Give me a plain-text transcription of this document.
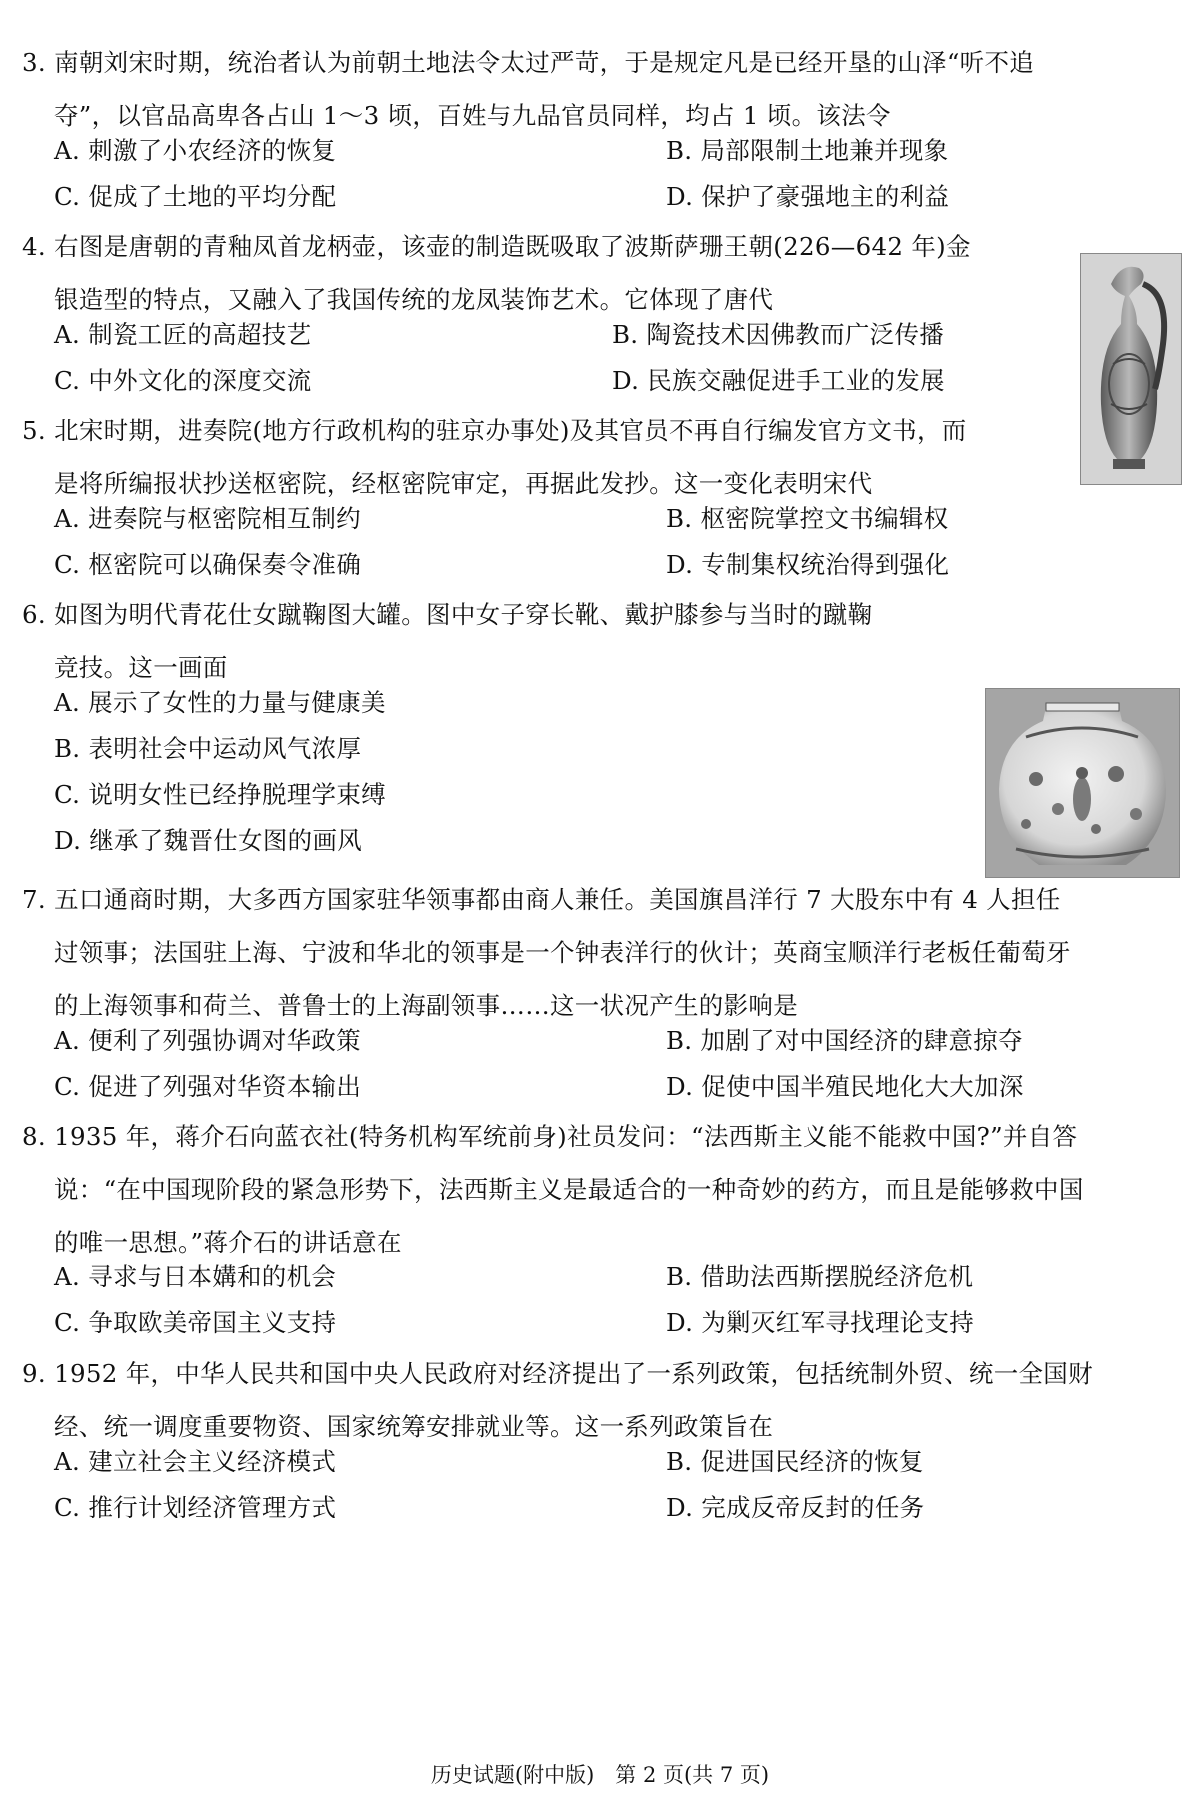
3. 南朝刘宋时期，统治者认为前朝土地法令太过严苛，于是规定凡是已经开垦的山泽“听不追
夺”，以官品高卑各占山 1～3 顷，百姓与九品官员同样，均占 1 顷。该法令
A. 刺激了小农经济的恢复	B. 局部限制土地兼并现象
C. 促成了土地的平均分配	D. 保护了豪强地主的利益
4. 右图是唐朝的青釉凤首龙柄壶，该壶的制造既吸取了波斯萨珊王朝(226—642 年)金
银造型的特点，又融入了我国传统的龙凤装饰艺术。它体现了唐代
A. 制瓷工匠的高超技艺	B. 陶瓷技术因佛教而广泛传播
C. 中外文化的深度交流	D. 民族交融促进手工业的发展
5. 北宋时期，进奏院(地方行政机构的驻京办事处)及其官员不再自行编发官方文书，而
是将所编报状抄送枢密院，经枢密院审定，再据此发抄。这一变化表明宋代
A. 进奏院与枢密院相互制约	B. 枢密院掌控文书编辑权
C. 枢密院可以确保奏令准确	D. 专制集权统治得到强化
6. 如图为明代青花仕女蹴鞠图大罐。图中女子穿长靴、戴护膝参与当时的蹴鞠
竞技。这一画面
A. 展示了女性的力量与健康美
B. 表明社会中运动风气浓厚
C. 说明女性已经挣脱理学束缚
D. 继承了魏晋仕女图的画风
7. 五口通商时期，大多西方国家驻华领事都由商人兼任。美国旗昌洋行 7 大股东中有 4 人担任
过领事；法国驻上海、宁波和华北的领事是一个钟表洋行的伙计；英商宝顺洋行老板任葡萄牙
的上海领事和荷兰、普鲁士的上海副领事……这一状况产生的影响是
A. 便利了列强协调对华政策	B. 加剧了对中国经济的肆意掠夺
C. 促进了列强对华资本输出	D. 促使中国半殖民地化大大加深
8. 1935 年，蒋介石向蓝衣社(特务机构军统前身)社员发问：“法西斯主义能不能救中国?”并自答
说：“在中国现阶段的紧急形势下，法西斯主义是最适合的一种奇妙的药方，而且是能够救中国
的唯一思想。”蒋介石的讲话意在
A. 寻求与日本媾和的机会	B. 借助法西斯摆脱经济危机
C. 争取欧美帝国主义支持	D. 为剿灭红军寻找理论支持
9. 1952 年，中华人民共和国中央人民政府对经济提出了一系列政策，包括统制外贸、统一全国财
经、统一调度重要物资、国家统筹安排就业等。这一系列政策旨在
A. 建立社会主义经济模式	B. 促进国民经济的恢复
C. 推行计划经济管理方式	D. 完成反帝反封的任务
历史试题(附中版)　第 2 页(共 7 页)
